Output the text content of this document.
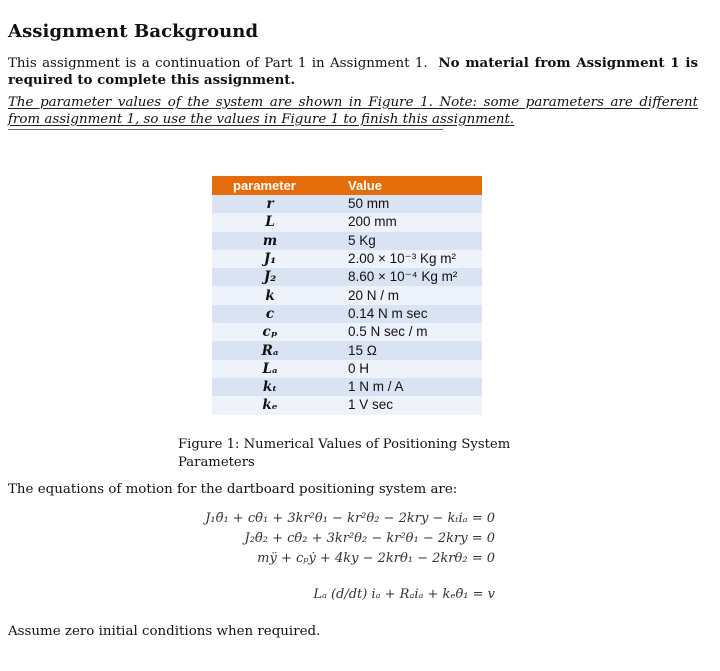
Assignment Background
This assignment is a continuation of Part 1 in Assignment 1. No material from Assignment 1 is required to complete this assignment.
The parameter values of the system are shown in Figure 1. Note: some parameters are different from assignment 1, so use the values in Figure 1 to finish this assignment.
parameter	Value
r	50 mm
L	200 mm
m	5 Kg
J₁	2.00 × 10⁻³ Kg m²
J₂	8.60 × 10⁻⁴ Kg m²
k	20 N / m
c	0.14 N m sec
cₚ	0.5 N sec / m
Rₐ	15 Ω
Lₐ	0 H
kₜ	1 N m / A
kₑ	1 V sec
Figure 1: Numerical Values of Positioning System Parameters
The equations of motion for the dartboard positioning system are:
J₁θ̈₁ + cθ̇₁ + 3kr²θ₁ − kr²θ₂ − 2kry − kₜiₐ = 0
J₂θ̈₂ + cθ̇₂ + 3kr²θ₂ − kr²θ₁ − 2kry = 0
mÿ + cₚẏ + 4ky − 2krθ₁ − 2krθ₂ = 0
Lₐ (d/dt) iₐ + Rₐiₐ + kₑθ̇₁ = v
Assume zero initial conditions when required.
